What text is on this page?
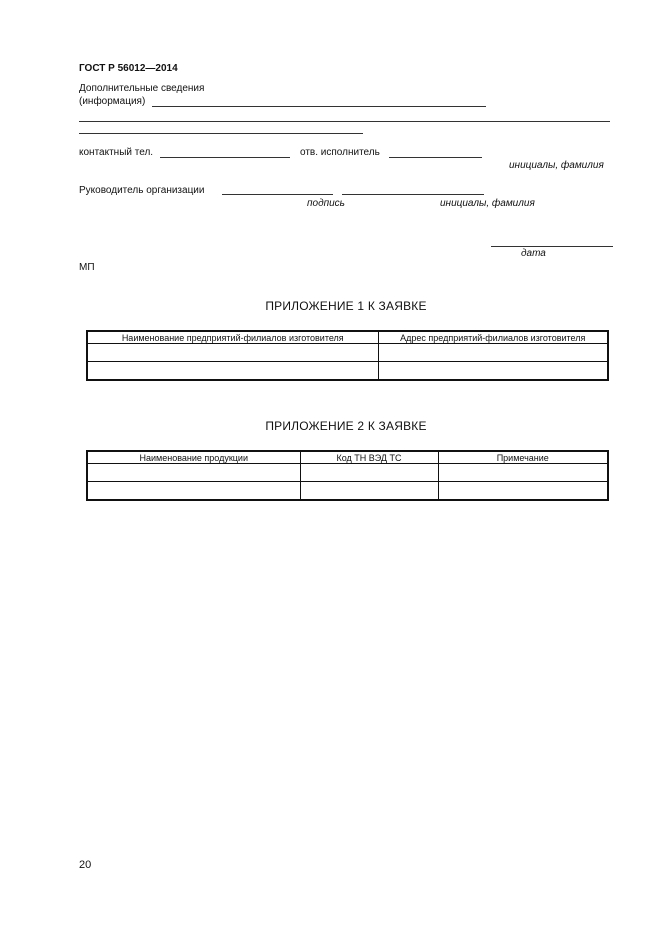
ГОСТ Р 56012—2014
Дополнительные сведения
(информация)
контактный тел.	отв. исполнитель
инициалы, фамилия
Руководитель организации
подпись	инициалы, фамилия
дата
МП
ПРИЛОЖЕНИЕ 1 К ЗАЯВКЕ
Наименование предприятий-филиалов изготовителя	Адрес предприятий-филиалов изготовителя

ПРИЛОЖЕНИЕ 2 К ЗАЯВКЕ
Наименование продукции	Код ТН ВЭД ТС	Примечание

20
